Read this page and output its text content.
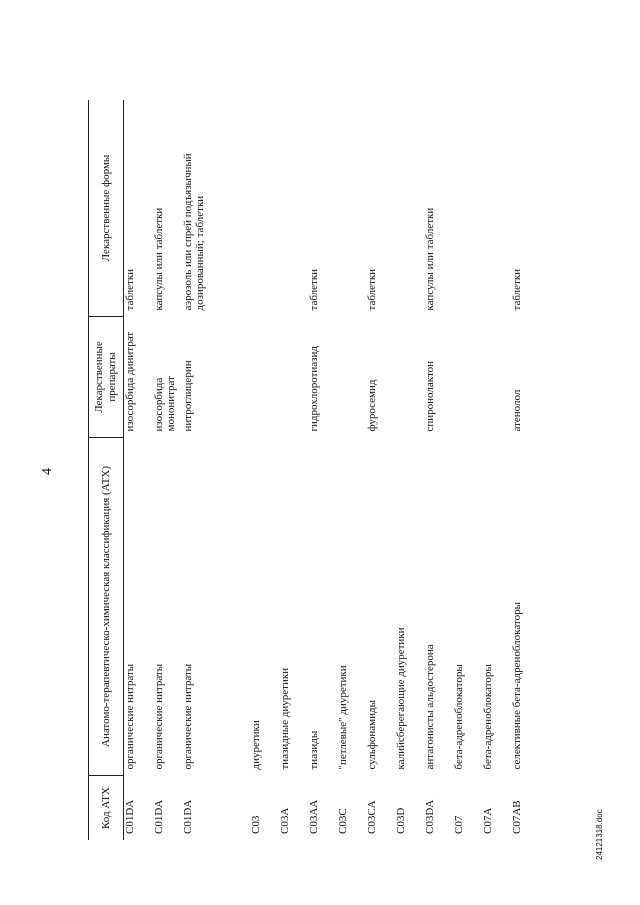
4
Код АТХ	Анатомо-терапевтическо-химическая классификация (АТХ)	Лекарственные препараты	Лекарственные формы
C01DA	органические нитраты	изосорбида динитрат	таблетки
C01DA	органические нитраты	изосорбида мононитрат	капсулы или таблетки
C01DA	органические нитраты	нитроглицерин	аэрозоль или спрей подъязычный дозированный; таблетки
C03	диуретики		
C03A	тиазидные диуретики		
C03AA	тиазиды	гидрохлоротиазид	таблетки
C03C	"петлевые" диуретики		
C03CA	сульфонамиды	фуросемид	таблетки
C03D	калийсберегающие диуретики		
C03DA	антагонисты альдостерона	спиронолактон	капсулы или таблетки
C07	бета-адреноблокаторы		
C07A	бета-адреноблокаторы		
C07AB	селективные бета-адреноблокаторы	атенолол	таблетки
24121318.doc
